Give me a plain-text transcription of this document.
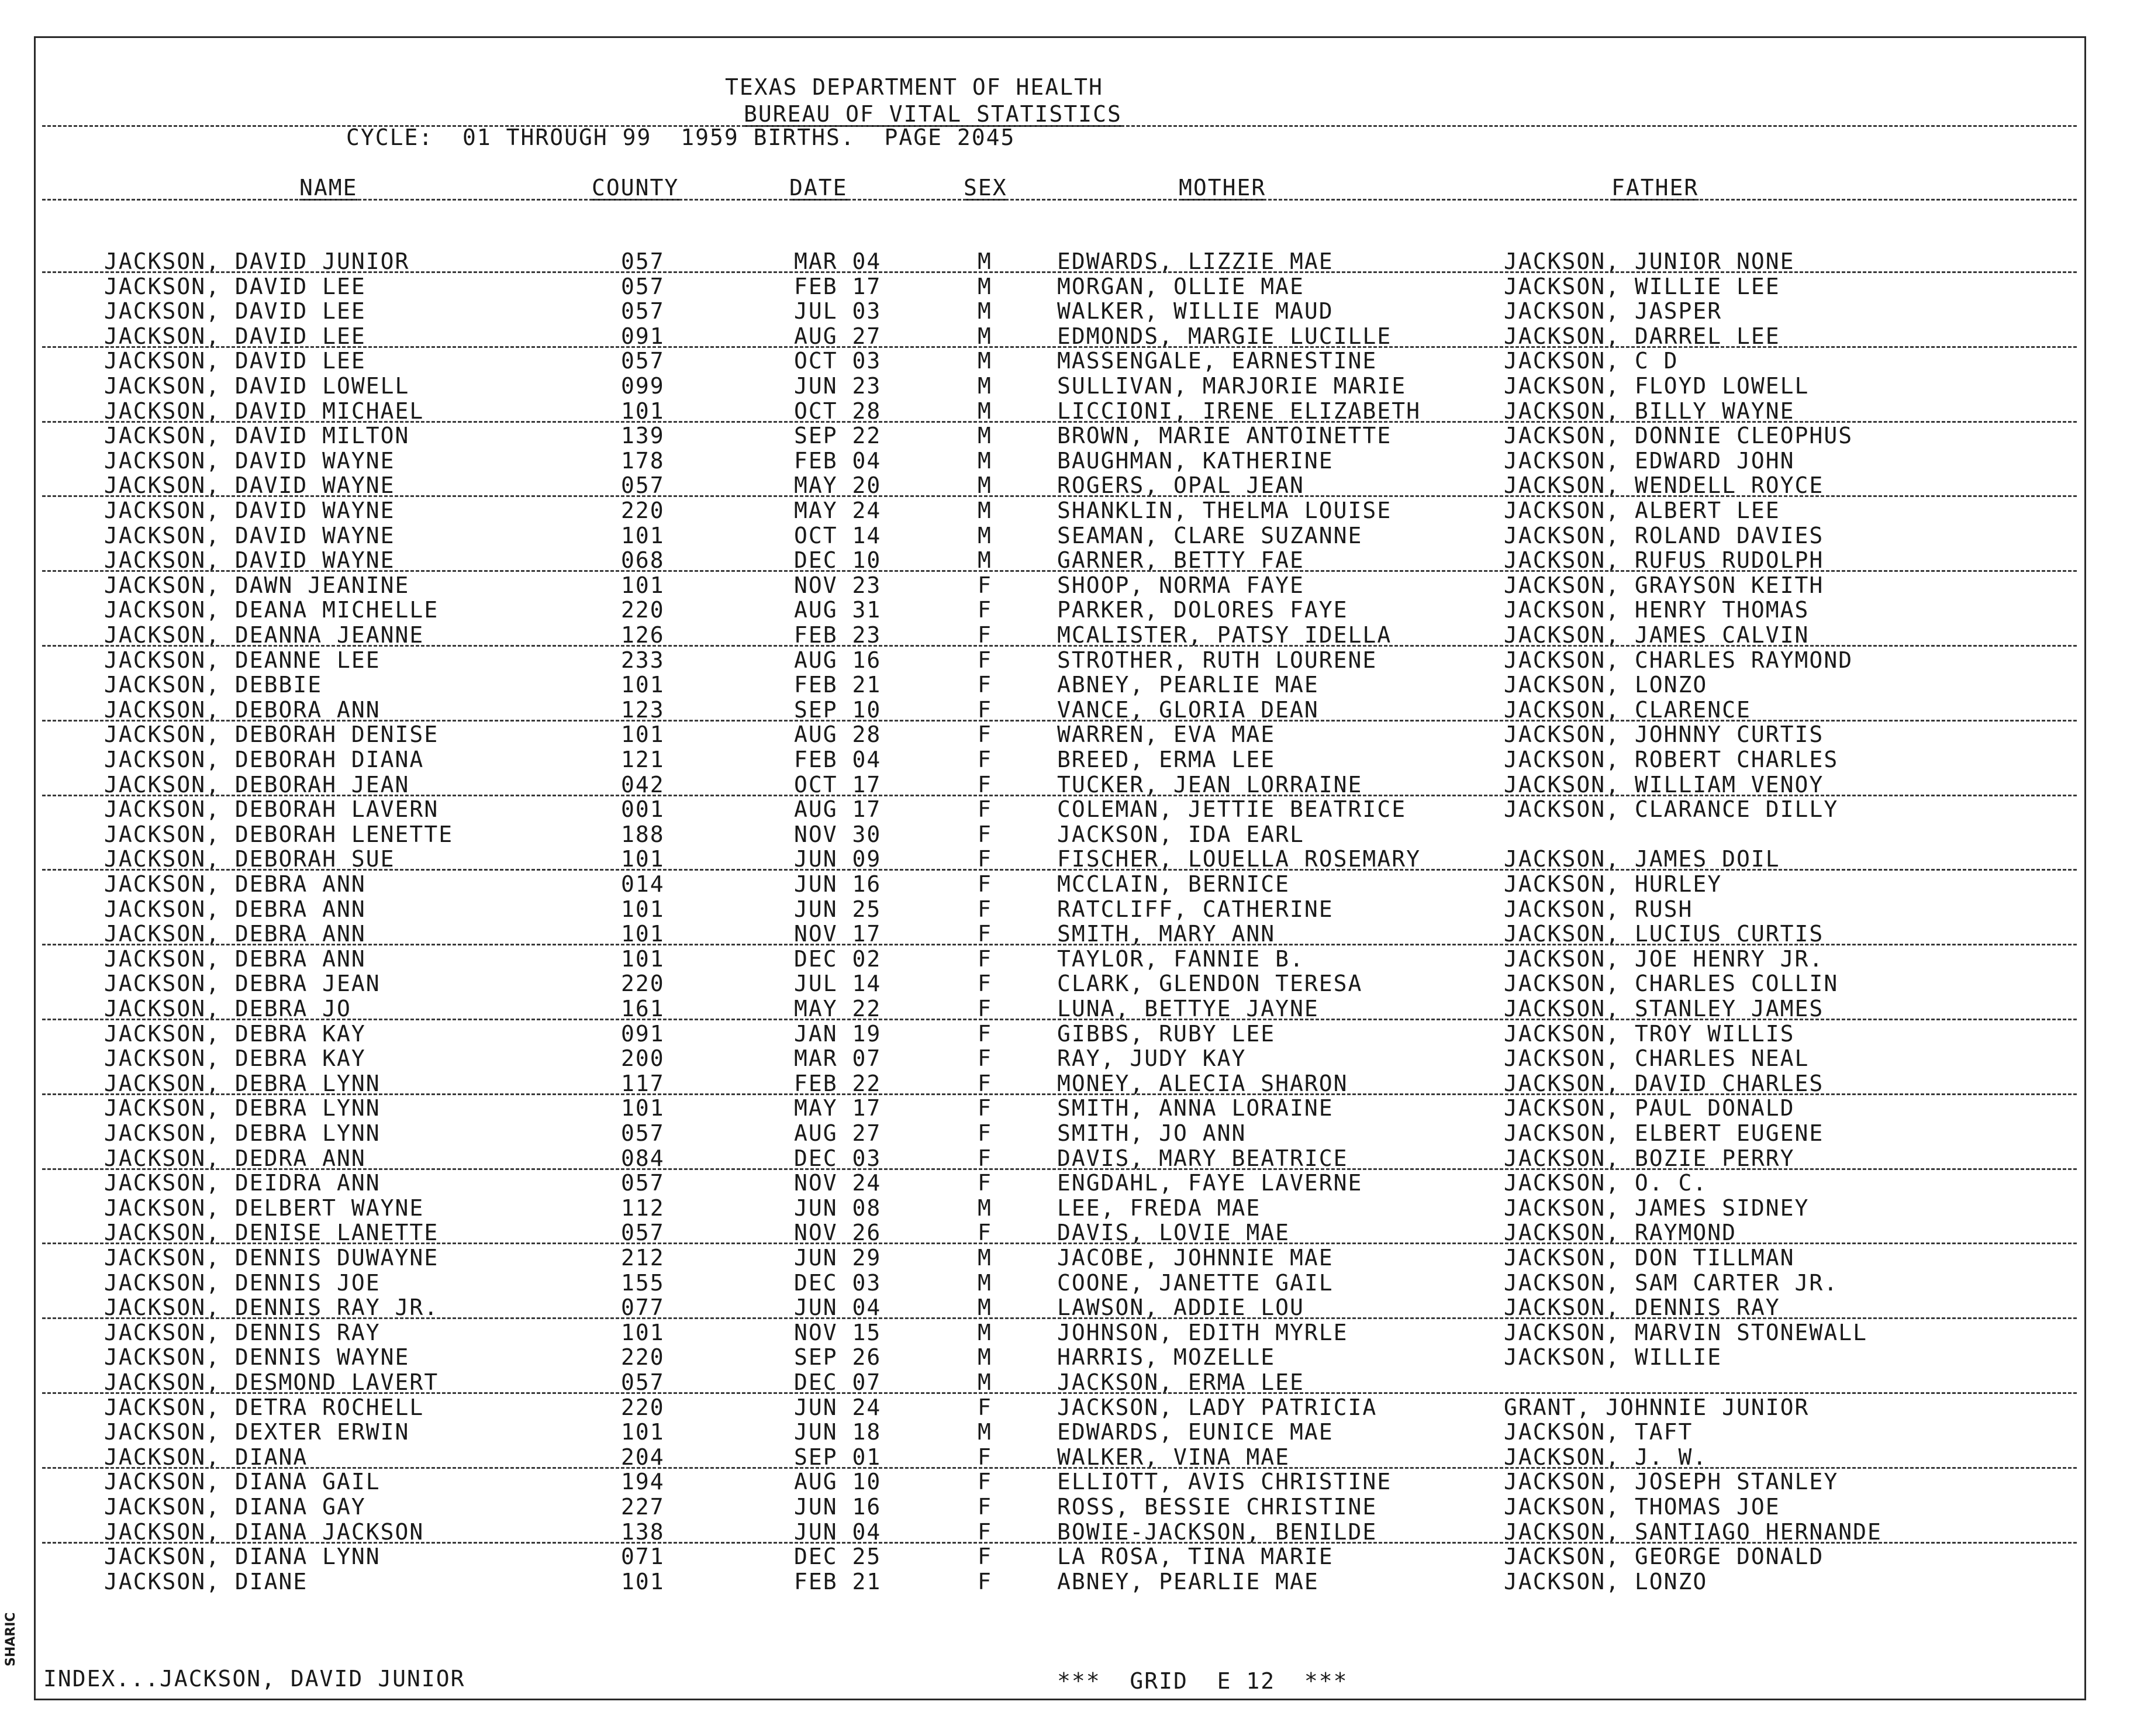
SHARIC
TEXAS DEPARTMENT OF HEALTH
BUREAU OF VITAL STATISTICS
CYCLE:  01 THROUGH 99  1959 BIRTHS.  PAGE 2045
NAME	COUNTY	DATE	SEX	MOTHER	FATHER
JACKSON, DAVID JUNIOR	057	MAR 04	M	EDWARDS, LIZZIE MAE	JACKSON, JUNIOR NONE
JACKSON, DAVID LEE	057	FEB 17	M	MORGAN, OLLIE MAE	JACKSON, WILLIE LEE
JACKSON, DAVID LEE	057	JUL 03	M	WALKER, WILLIE MAUD	JACKSON, JASPER
JACKSON, DAVID LEE	091	AUG 27	M	EDMONDS, MARGIE LUCILLE	JACKSON, DARREL LEE
JACKSON, DAVID LEE	057	OCT 03	M	MASSENGALE, EARNESTINE	JACKSON, C D
JACKSON, DAVID LOWELL	099	JUN 23	M	SULLIVAN, MARJORIE MARIE	JACKSON, FLOYD LOWELL
JACKSON, DAVID MICHAEL	101	OCT 28	M	LICCIONI, IRENE ELIZABETH	JACKSON, BILLY WAYNE
JACKSON, DAVID MILTON	139	SEP 22	M	BROWN, MARIE ANTOINETTE	JACKSON, DONNIE CLEOPHUS
JACKSON, DAVID WAYNE	178	FEB 04	M	BAUGHMAN, KATHERINE	JACKSON, EDWARD JOHN
JACKSON, DAVID WAYNE	057	MAY 20	M	ROGERS, OPAL JEAN	JACKSON, WENDELL ROYCE
JACKSON, DAVID WAYNE	220	MAY 24	M	SHANKLIN, THELMA LOUISE	JACKSON, ALBERT LEE
JACKSON, DAVID WAYNE	101	OCT 14	M	SEAMAN, CLARE SUZANNE	JACKSON, ROLAND DAVIES
JACKSON, DAVID WAYNE	068	DEC 10	M	GARNER, BETTY FAE	JACKSON, RUFUS RUDOLPH
JACKSON, DAWN JEANINE	101	NOV 23	F	SHOOP, NORMA FAYE	JACKSON, GRAYSON KEITH
JACKSON, DEANA MICHELLE	220	AUG 31	F	PARKER, DOLORES FAYE	JACKSON, HENRY THOMAS
JACKSON, DEANNA JEANNE	126	FEB 23	F	MCALISTER, PATSY IDELLA	JACKSON, JAMES CALVIN
JACKSON, DEANNE LEE	233	AUG 16	F	STROTHER, RUTH LOURENE	JACKSON, CHARLES RAYMOND
JACKSON, DEBBIE	101	FEB 21	F	ABNEY, PEARLIE MAE	JACKSON, LONZO
JACKSON, DEBORA ANN	123	SEP 10	F	VANCE, GLORIA DEAN	JACKSON, CLARENCE
JACKSON, DEBORAH DENISE	101	AUG 28	F	WARREN, EVA MAE	JACKSON, JOHNNY CURTIS
JACKSON, DEBORAH DIANA	121	FEB 04	F	BREED, ERMA LEE	JACKSON, ROBERT CHARLES
JACKSON, DEBORAH JEAN	042	OCT 17	F	TUCKER, JEAN LORRAINE	JACKSON, WILLIAM VENOY
JACKSON, DEBORAH LAVERN	001	AUG 17	F	COLEMAN, JETTIE BEATRICE	JACKSON, CLARANCE DILLY
JACKSON, DEBORAH LENETTE	188	NOV 30	F	JACKSON, IDA EARL
JACKSON, DEBORAH SUE	101	JUN 09	F	FISCHER, LOUELLA ROSEMARY	JACKSON, JAMES DOIL
JACKSON, DEBRA ANN	014	JUN 16	F	MCCLAIN, BERNICE	JACKSON, HURLEY
JACKSON, DEBRA ANN	101	JUN 25	F	RATCLIFF, CATHERINE	JACKSON, RUSH
JACKSON, DEBRA ANN	101	NOV 17	F	SMITH, MARY ANN	JACKSON, LUCIUS CURTIS
JACKSON, DEBRA ANN	101	DEC 02	F	TAYLOR, FANNIE B.	JACKSON, JOE HENRY JR.
JACKSON, DEBRA JEAN	220	JUL 14	F	CLARK, GLENDON TERESA	JACKSON, CHARLES COLLIN
JACKSON, DEBRA JO	161	MAY 22	F	LUNA, BETTYE JAYNE	JACKSON, STANLEY JAMES
JACKSON, DEBRA KAY	091	JAN 19	F	GIBBS, RUBY LEE	JACKSON, TROY WILLIS
JACKSON, DEBRA KAY	200	MAR 07	F	RAY, JUDY KAY	JACKSON, CHARLES NEAL
JACKSON, DEBRA LYNN	117	FEB 22	F	MONEY, ALECIA SHARON	JACKSON, DAVID CHARLES
JACKSON, DEBRA LYNN	101	MAY 17	F	SMITH, ANNA LORAINE	JACKSON, PAUL DONALD
JACKSON, DEBRA LYNN	057	AUG 27	F	SMITH, JO ANN	JACKSON, ELBERT EUGENE
JACKSON, DEDRA ANN	084	DEC 03	F	DAVIS, MARY BEATRICE	JACKSON, BOZIE PERRY
JACKSON, DEIDRA ANN	057	NOV 24	F	ENGDAHL, FAYE LAVERNE	JACKSON, O. C.
JACKSON, DELBERT WAYNE	112	JUN 08	M	LEE, FREDA MAE	JACKSON, JAMES SIDNEY
JACKSON, DENISE LANETTE	057	NOV 26	F	DAVIS, LOVIE MAE	JACKSON, RAYMOND
JACKSON, DENNIS DUWAYNE	212	JUN 29	M	JACOBE, JOHNNIE MAE	JACKSON, DON TILLMAN
JACKSON, DENNIS JOE	155	DEC 03	M	COONE, JANETTE GAIL	JACKSON, SAM CARTER JR.
JACKSON, DENNIS RAY JR.	077	JUN 04	M	LAWSON, ADDIE LOU	JACKSON, DENNIS RAY
JACKSON, DENNIS RAY	101	NOV 15	M	JOHNSON, EDITH MYRLE	JACKSON, MARVIN STONEWALL
JACKSON, DENNIS WAYNE	220	SEP 26	M	HARRIS, MOZELLE	JACKSON, WILLIE
JACKSON, DESMOND LAVERT	057	DEC 07	M	JACKSON, ERMA LEE
JACKSON, DETRA ROCHELL	220	JUN 24	F	JACKSON, LADY PATRICIA	GRANT, JOHNNIE JUNIOR
JACKSON, DEXTER ERWIN	101	JUN 18	M	EDWARDS, EUNICE MAE	JACKSON, TAFT
JACKSON, DIANA	204	SEP 01	F	WALKER, VINA MAE	JACKSON, J. W.
JACKSON, DIANA GAIL	194	AUG 10	F	ELLIOTT, AVIS CHRISTINE	JACKSON, JOSEPH STANLEY
JACKSON, DIANA GAY	227	JUN 16	F	ROSS, BESSIE CHRISTINE	JACKSON, THOMAS JOE
JACKSON, DIANA JACKSON	138	JUN 04	F	BOWIE-JACKSON, BENILDE	JACKSON, SANTIAGO HERNANDE
JACKSON, DIANA LYNN	071	DEC 25	F	LA ROSA, TINA MARIE	JACKSON, GEORGE DONALD
JACKSON, DIANE	101	FEB 21	F	ABNEY, PEARLIE MAE	JACKSON, LONZO
INDEX...JACKSON, DAVID JUNIOR	***  GRID  E 12  ***
